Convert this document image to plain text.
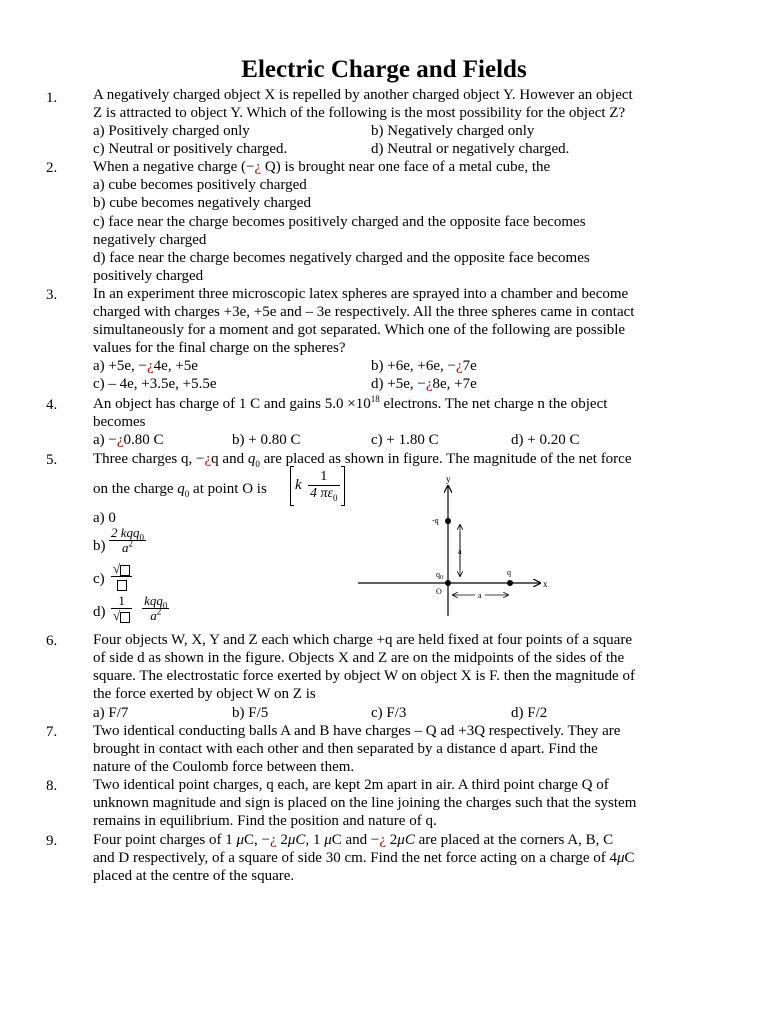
Electric Charge and Fields
1. A negatively charged object X is repelled by another charged object Y. However an object
Z is attracted to object Y. Which of the following is the most possibility for the object Z?
a) Positively charged only	b) Negatively charged only
c) Neutral or positively charged.	d) Neutral or negatively charged.
2. When a negative charge (−¿ Q) is brought near one face of a metal cube, the
a) cube becomes positively charged
b) cube becomes negatively charged
c) face near the charge becomes positively charged and the opposite face becomes
negatively charged
d) face near the charge becomes negatively charged and the opposite face becomes
positively charged
3. In an experiment three microscopic latex spheres are sprayed into a chamber and become
charged with charges +3e, +5e and – 3e respectively. All the three spheres came in contact
simultaneously for a moment and got separated. Which one of the following are possible
values for the final charge on the spheres?
a) +5e, −¿4e, +5e	b) +6e, +6e, −¿7e
c) – 4e, +3.5e, +5.5e	d) +5e, −¿8e, +7e
4. An object has charge of 1 C and gains $5.0 \times 10^{18}$ electrons. The net charge n the object
becomes
a) −¿0.80 C	b) + 0.80 C	c) + 1.80 C	d) + 0.20 C
5. Three charges q, −¿q and $q_0$ are placed as shown in figure. The magnitude of the net force
on the charge $q_0$ at point O is k $\frac{1}{4 \pi\varepsilon_0}$
a) 0
$b) \frac{2 kqq_0}{a^2}$
c)
√
$d) \frac{1}{√}$
$\frac{kqq_0}{a^2}$
y
x
-q
$q_0$
O
q
a
a
6. Four objects W, X, Y and Z each which charge +q are held fixed at four points of a square
of side d as shown in the figure. Objects X and Z are on the midpoints of the sides of the
square. The electrostatic force exerted by object W on object X is F. then the magnitude of
the force exerted by object W on Z is
a) F/7	b) F/5	c) F/3	d) F/2
7. Two identical conducting balls A and B have charges – Q ad +3Q respectively. They are
brought in contact with each other and then separated by a distance d apart. Find the
nature of the Coulomb force between them.
8. Two identical point charges, q each, are kept 2m apart in air. A third point charge Q of
unknown magnitude and sign is placed on the line joining the charges such that the system
remains in equilibrium. Find the position and nature of q.
9. Four point charges of 1 μC, −¿ 2μC, 1 μC and −¿ 2μC are placed at the corners A, B, C
and D respectively, of a square of side 30 cm. Find the net force acting on a charge of 4μC
placed at the centre of the square.
